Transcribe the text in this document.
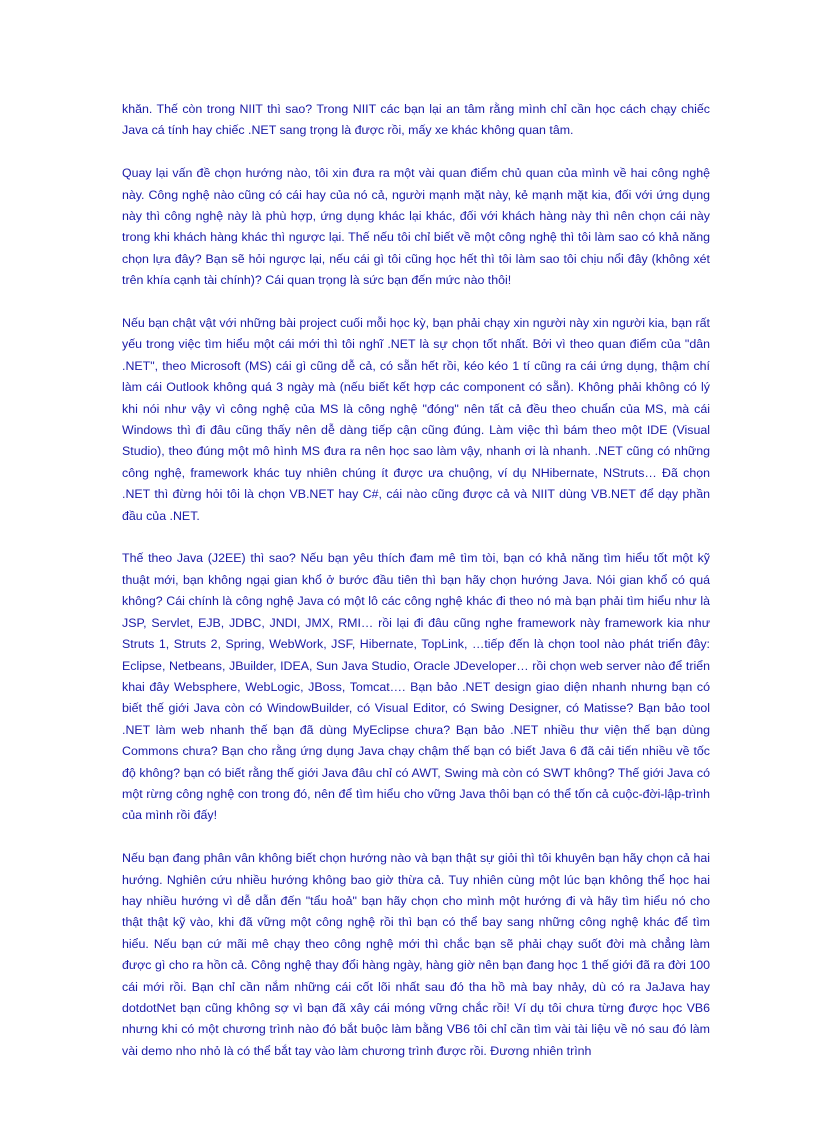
khăn. Thế còn trong NIIT thì sao? Trong NIIT các bạn lại an tâm rằng mình chỉ cần học cách chạy chiếc Java cá tính hay chiếc .NET sang trọng là được rồi, mấy xe khác không quan tâm.

Quay lại vấn đề chọn hướng nào, tôi xin đưa ra một vài quan điểm chủ quan của mình về hai công nghệ này. Công nghệ nào cũng có cái hay của nó cả, người mạnh mặt này, kẻ mạnh mặt kia, đối với ứng dụng này thì công nghệ này là phù hợp, ứng dụng khác lại khác, đối với khách hàng này thì nên chọn cái này trong khi khách hàng khác thì ngược lại. Thế nếu tôi chỉ biết về một công nghệ thì tôi làm sao có khả năng chọn lựa đây? Bạn sẽ hỏi ngược lại, nếu cái gì tôi cũng học hết thì tôi làm sao tôi chịu nổi đây (không xét trên khía cạnh tài chính)? Cái quan trọng là sức bạn đến mức nào thôi!

Nếu bạn chật vật với những bài project cuối mỗi học kỳ, bạn phải chạy xin người này xin người kia, bạn rất yếu trong việc tìm hiểu một cái mới thì tôi nghĩ .NET là sự chọn tốt nhất. Bởi vì theo quan điểm của "dân .NET", theo Microsoft (MS) cái gì cũng dễ cả, có sẵn hết rồi, kéo kéo 1 tí cũng ra cái ứng dụng, thậm chí làm cái Outlook không quá 3 ngày mà (nếu biết kết hợp các component có sẵn). Không phải không có lý khi nói như vậy vì công nghệ của MS là công nghệ "đóng" nên tất cả đều theo chuẩn của MS, mà cái Windows thì đi đâu cũng thấy nên dễ dàng tiếp cận cũng đúng. Làm việc thì bám theo một IDE (Visual Studio), theo đúng một mô hình MS đưa ra nên học sao làm vậy, nhanh ơi là nhanh. .NET cũng có những công nghệ, framework khác tuy nhiên chúng ít được ưa chuộng, ví dụ NHibernate, NStruts… Đã chọn .NET thì đừng hỏi tôi là chọn VB.NET hay C#, cái nào cũng được cả và NIIT dùng VB.NET để dạy phần đầu của .NET.

Thế theo Java (J2EE) thì sao? Nếu bạn yêu thích đam mê tìm tòi, bạn có khả năng tìm hiểu tốt một kỹ thuật mới, bạn không ngại gian khổ ở bước đầu tiên thì bạn hãy chọn hướng Java. Nói gian khổ có quá không? Cái chính là công nghệ Java có một lô các công nghệ khác đi theo nó mà bạn phải tìm hiểu như là JSP, Servlet, EJB, JDBC, JNDI, JMX, RMI… rồi lại đi đâu cũng nghe framework này framework kia như Struts 1, Struts 2, Spring, WebWork, JSF, Hibernate, TopLink, …tiếp đến là chọn tool nào phát triển đây: Eclipse, Netbeans, JBuilder, IDEA, Sun Java Studio, Oracle JDeveloper… rồi chọn web server nào để triển khai đây Websphere, WebLogic, JBoss, Tomcat…. Bạn bảo .NET design giao diện nhanh nhưng bạn có biết thế giới Java còn có WindowBuilder, có Visual Editor, có Swing Designer, có Matisse? Bạn bảo tool .NET làm web nhanh thế bạn đã dùng MyEclipse chưa? Bạn bảo .NET nhiều thư viện thế bạn dùng Commons chưa? Bạn cho rằng ứng dụng Java chạy chậm thế bạn có biết Java 6 đã cải tiến nhiều về tốc độ không? bạn có biết rằng thế giới Java đâu chỉ có AWT, Swing mà còn có SWT không? Thế giới Java có một rừng công nghệ con trong đó, nên để tìm hiểu cho vững Java thôi bạn có thể tốn cả cuộc-đời-lập-trình của mình rồi đấy!

Nếu bạn đang phân vân không biết chọn hướng nào và bạn thật sự giỏi thì tôi khuyên bạn hãy chọn cả hai hướng. Nghiên cứu nhiều hướng không bao giờ thừa cả. Tuy nhiên cùng một lúc bạn không thể học hai hay nhiều hướng vì dễ dẫn đến "tẩu hoả" bạn hãy chọn cho mình một hướng đi và hãy tìm hiểu nó cho thật thật kỹ vào, khi đã vững một công nghệ rồi thì bạn có thể bay sang những công nghệ khác để tìm hiểu. Nếu bạn cứ mãi mê chạy theo công nghệ mới thì chắc bạn sẽ phải chạy suốt đời mà chẳng làm được gì cho ra hồn cả. Công nghệ thay đổi hàng ngày, hàng giờ nên bạn đang học 1 thế giới đã ra đời 100 cái mới rồi. Bạn chỉ cần nắm những cái cốt lõi nhất sau đó tha hồ mà bay nhảy, dù có ra JaJava hay dotdotNet bạn cũng không sợ vì bạn đã xây cái móng vững chắc rồi! Ví dụ tôi chưa từng được học VB6 nhưng khi có một chương trình nào đó bắt buộc làm bằng VB6 tôi chỉ cần tìm vài tài liệu về nó sau đó làm vài demo nho nhỏ là có thể bắt tay vào làm chương trình được rồi. Đương nhiên trình
